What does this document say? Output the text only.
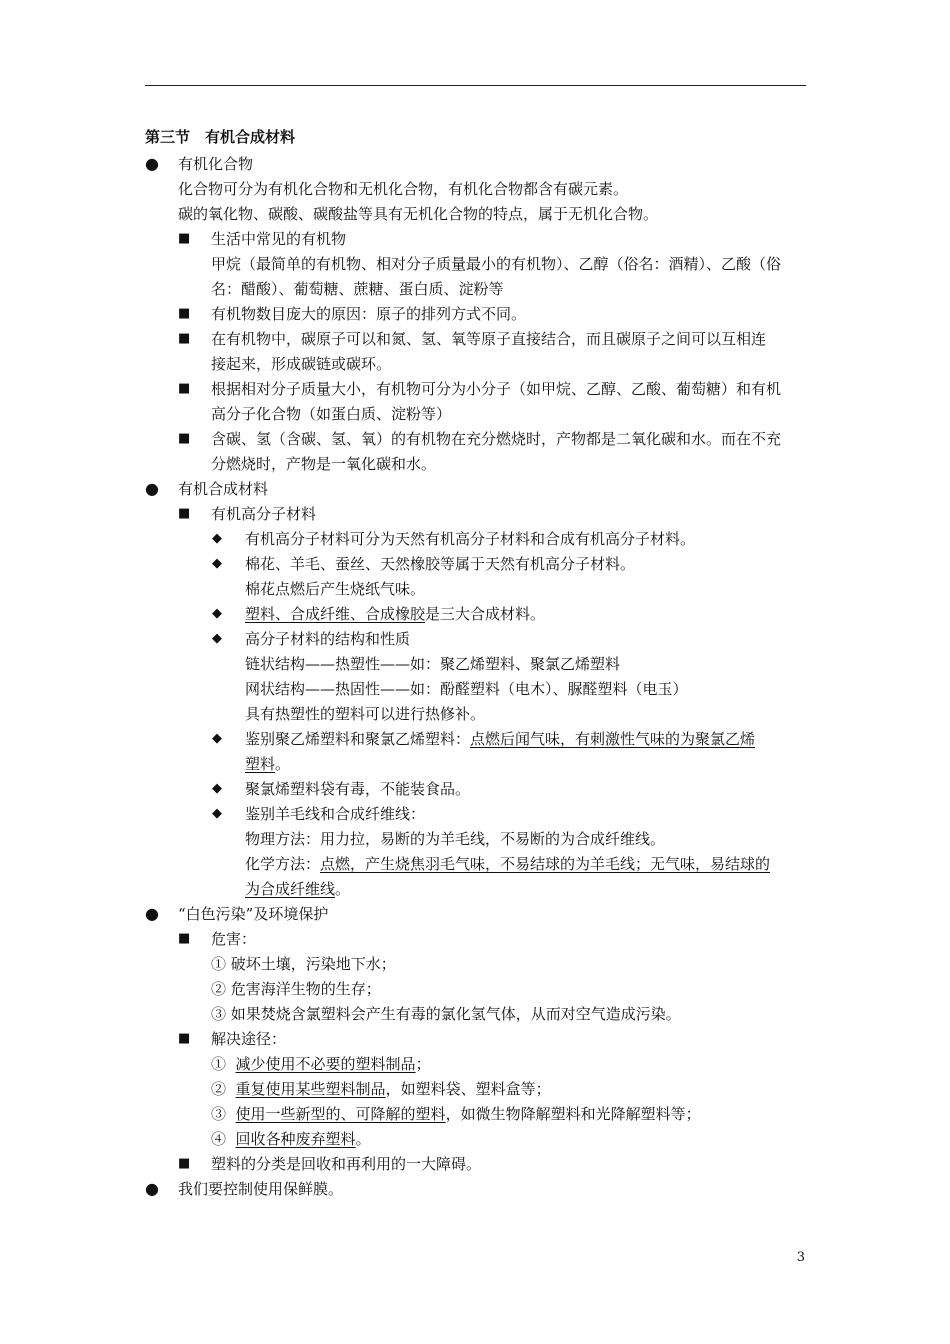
第三节　有机合成材料
● 有机化合物
化合物可分为有机化合物和无机化合物，有机化合物都含有碳元素。
碳的氧化物、碳酸、碳酸盐等具有无机化合物的特点，属于无机化合物。
■ 生活中常见的有机物
甲烷（最简单的有机物、相对分子质量最小的有机物）、乙醇（俗名：酒精）、乙酸（俗
名：醋酸）、葡萄糖、蔗糖、蛋白质、淀粉等
■ 有机物数目庞大的原因：原子的排列方式不同。
■ 在有机物中，碳原子可以和氮、氢、氧等原子直接结合，而且碳原子之间可以互相连
接起来，形成碳链或碳环。
■ 根据相对分子质量大小，有机物可分为小分子（如甲烷、乙醇、乙酸、葡萄糖）和有机
高分子化合物（如蛋白质、淀粉等）
■ 含碳、氢（含碳、氢、氧）的有机物在充分燃烧时，产物都是二氧化碳和水。而在不充
分燃烧时，产物是一氧化碳和水。
● 有机合成材料
■ 有机高分子材料
◆ 有机高分子材料可分为天然有机高分子材料和合成有机高分子材料。
◆ 棉花、羊毛、蚕丝、天然橡胶等属于天然有机高分子材料。
棉花点燃后产生烧纸气味。
◆ 塑料、合成纤维、合成橡胶是三大合成材料。
◆ 高分子材料的结构和性质
链状结构——热塑性——如：聚乙烯塑料、聚氯乙烯塑料
网状结构——热固性——如：酚醛塑料（电木）、脲醛塑料（电玉）
具有热塑性的塑料可以进行热修补。
◆ 鉴别聚乙烯塑料和聚氯乙烯塑料：点燃后闻气味，有刺激性气味的为聚氯乙烯
塑料。
◆ 聚氯烯塑料袋有毒，不能装食品。
◆ 鉴别羊毛线和合成纤维线：
物理方法：用力拉，易断的为羊毛线，不易断的为合成纤维线。
化学方法：点燃，产生烧焦羽毛气味，不易结球的为羊毛线；无气味，易结球的
为合成纤维线。
● “白色污染”及环境保护
■ 危害：
① 破坏土壤，污染地下水；
② 危害海洋生物的生存；
③ 如果焚烧含氯塑料会产生有毒的氯化氢气体，从而对空气造成污染。
■ 解决途径：
①  减少使用不必要的塑料制品；
②  重复使用某些塑料制品，如塑料袋、塑料盒等；
③  使用一些新型的、可降解的塑料，如微生物降解塑料和光降解塑料等；
④  回收各种废弃塑料。
■ 塑料的分类是回收和再利用的一大障碍。
● 我们要控制使用保鲜膜。
3
